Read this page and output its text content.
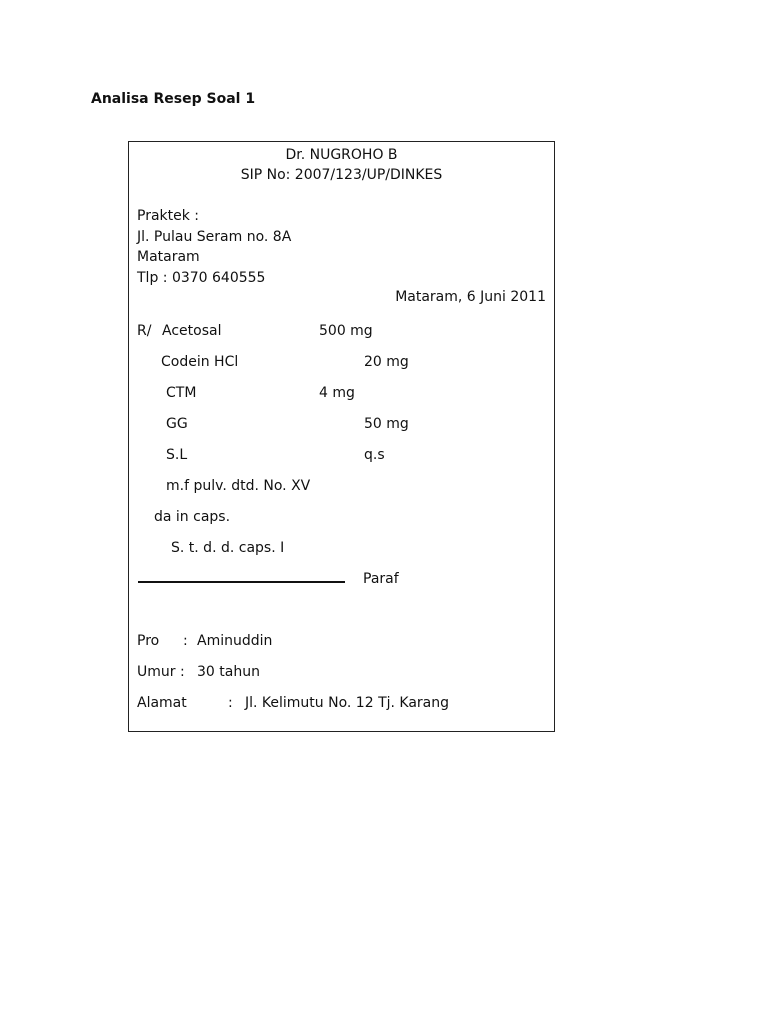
Analisa Resep Soal 1
Dr. NUGROHO B
SIP No: 2007/123/UP/DINKES
Praktek :
Jl. Pulau Seram no. 8A
Mataram
Tlp : 0370 640555
Mataram, 6 Juni 2011
R/ Acetosal	500 mg
Codein HCl	20 mg
CTM	4 mg
GG	50 mg
S.L	q.s
m.f pulv. dtd. No. XV
da in caps.
S. t. d. d. caps. I
Paraf
Pro : Aminuddin
Umur : 30 tahun
Alamat	: Jl. Kelimutu No. 12 Tj. Karang
